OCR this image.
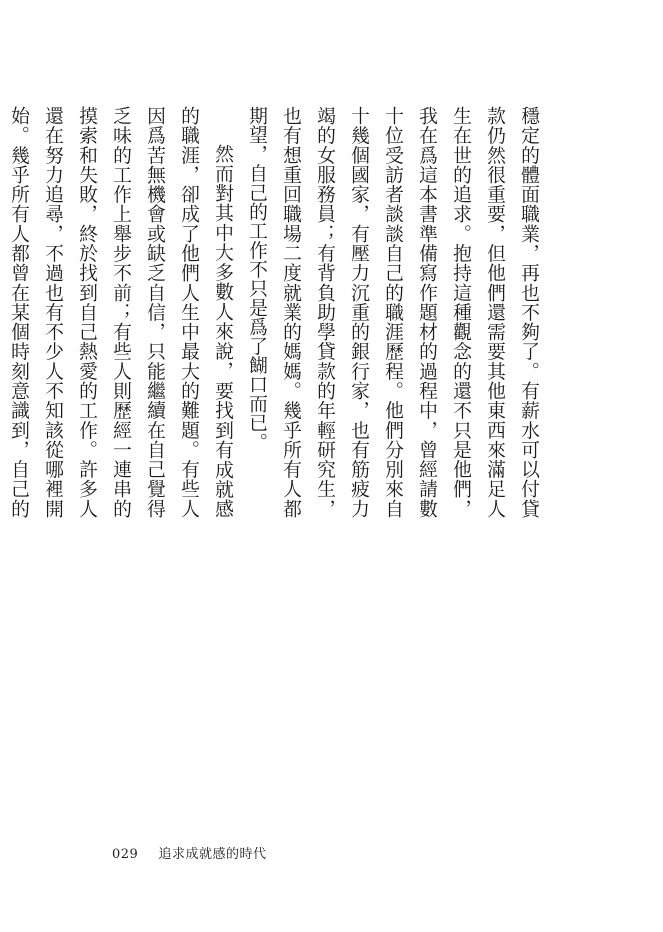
穩定的體面職業，再也不夠了。有薪水可以付貸款仍然很重要，但他們還需要其他東西來滿足人生在世的追求。抱持這種觀念的還不只是他們，我在爲這本書準備寫作題材的過程中，曾經請數十位受訪者談談自己的職涯歷程。他們分別來自十幾個國家，有壓力沉重的銀行家，也有筋疲力竭的女服務員；有背負助學貸款的年輕研究生，也有想重回職場二度就業的媽媽。幾乎所有人都期望，自己的工作不只是爲了餬口而已。

然而對其中大多數人來說，要找到有成就感的職涯，卻成了他們人生中最大的難題。有些人因爲苦無機會或缺乏自信，只能繼續在自己覺得乏味的工作上舉步不前；有些人則歷經一連串的摸索和失敗，終於找到自己熱愛的工作。許多人還在努力追尋，不過也有不少人不知該從哪裡開始。幾乎所有人都曾在某個時刻意識到，自己的

029 追求成就感的時代
